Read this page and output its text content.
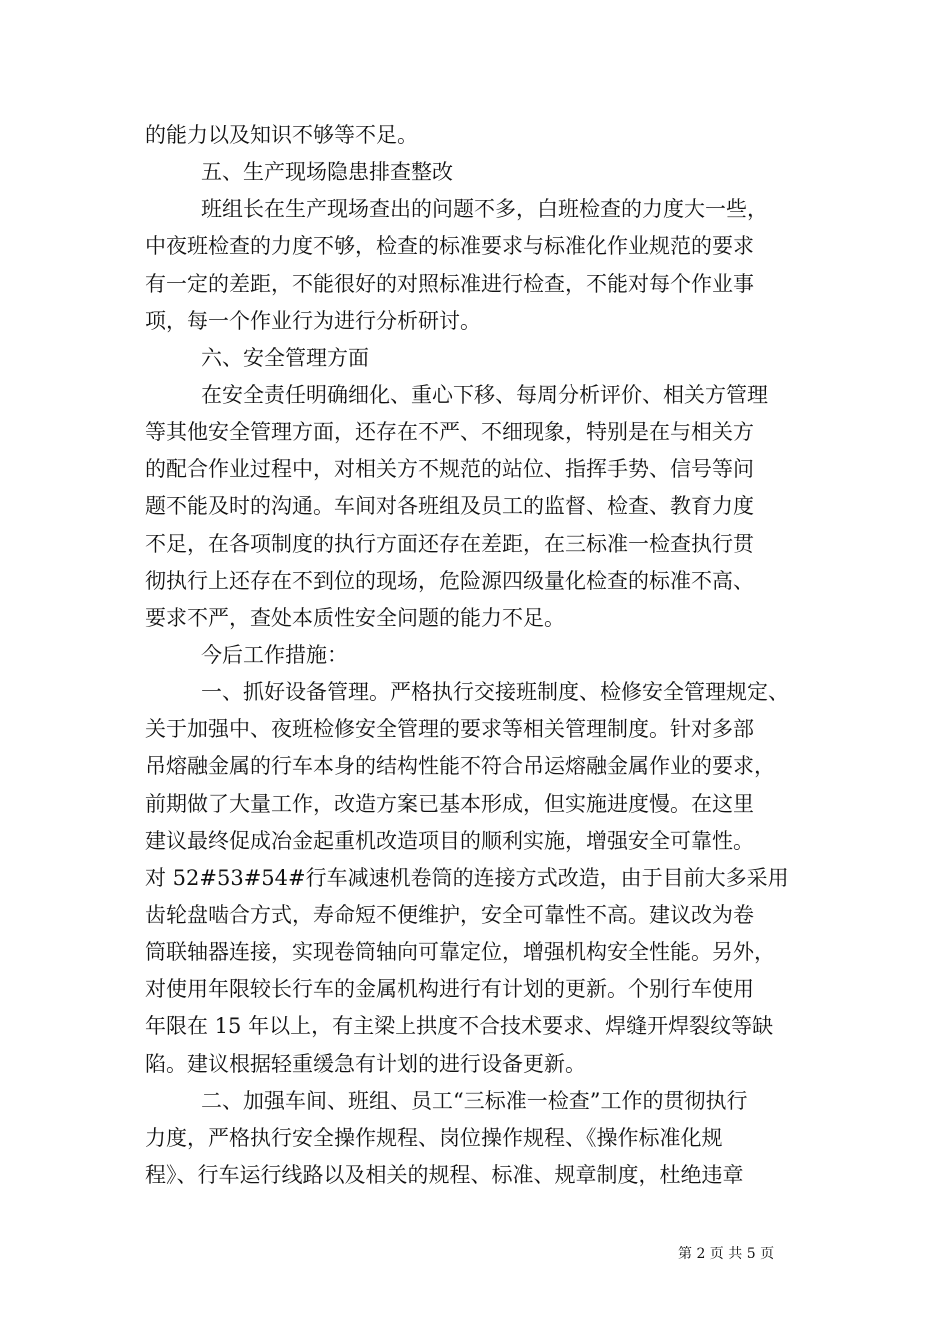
的能力以及知识不够等不足。
五、生产现场隐患排查整改
班组长在生产现场查出的问题不多，白班检查的力度大一些，
中夜班检查的力度不够，检查的标准要求与标准化作业规范的要求
有一定的差距，不能很好的对照标准进行检查，不能对每个作业事
项，每一个作业行为进行分析研讨。
六、安全管理方面
在安全责任明确细化、重心下移、每周分析评价、相关方管理
等其他安全管理方面，还存在不严、不细现象，特别是在与相关方
的配合作业过程中，对相关方不规范的站位、指挥手势、信号等问
题不能及时的沟通。车间对各班组及员工的监督、检查、教育力度
不足，在各项制度的执行方面还存在差距，在三标准一检查执行贯
彻执行上还存在不到位的现场，危险源四级量化检查的标准不高、
要求不严，查处本质性安全问题的能力不足。
今后工作措施：
一、抓好设备管理。严格执行交接班制度、检修安全管理规定、
关于加强中、夜班检修安全管理的要求等相关管理制度。针对多部
吊熔融金属的行车本身的结构性能不符合吊运熔融金属作业的要求，
前期做了大量工作，改造方案已基本形成，但实施进度慢。在这里
建议最终促成冶金起重机改造项目的顺利实施，增强安全可靠性。
对 52#53#54#行车减速机卷筒的连接方式改造，由于目前大多采用
齿轮盘啮合方式，寿命短不便维护，安全可靠性不高。建议改为卷
筒联轴器连接，实现卷筒轴向可靠定位，增强机构安全性能。另外，
对使用年限较长行车的金属机构进行有计划的更新。个别行车使用
年限在 15 年以上，有主梁上拱度不合技术要求、焊缝开焊裂纹等缺
陷。建议根据轻重缓急有计划的进行设备更新。
二、加强车间、班组、员工“三标准一检查”工作的贯彻执行
力度，严格执行安全操作规程、岗位操作规程、《操作标准化规
程》、行车运行线路以及相关的规程、标准、规章制度，杜绝违章
第 2 页 共 5 页
